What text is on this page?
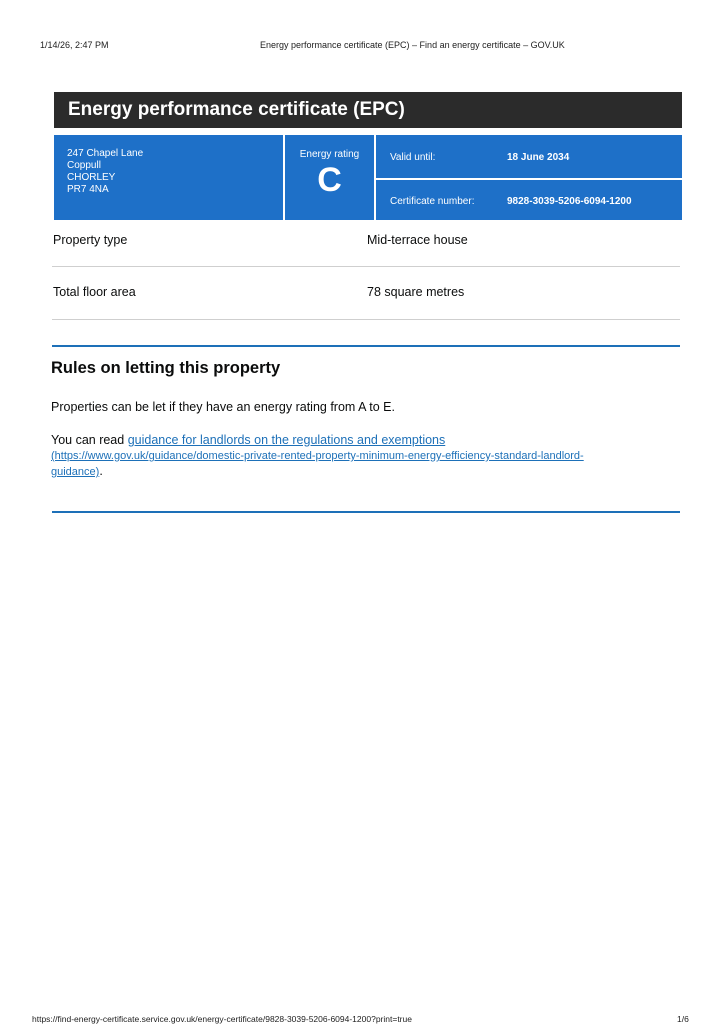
1/14/26, 2:47 PM	Energy performance certificate (EPC) – Find an energy certificate – GOV.UK
Energy performance certificate (EPC)
247 Chapel Lane
Coppull
CHORLEY
PR7 4NA
Energy rating
C
Valid until:	18 June 2034
Certificate number:	9828-3039-5206-6094-1200
Property type	Mid-terrace house
Total floor area	78 square metres
Rules on letting this property

Properties can be let if they have an energy rating from A to E.

You can read guidance for landlords on the regulations and exemptions
(https://www.gov.uk/guidance/domestic-private-rented-property-minimum-energy-efficiency-standard-landlord-
guidance).

https://find-energy-certificate.service.gov.uk/energy-certificate/9828-3039-5206-6094-1200?print=true	1/6
